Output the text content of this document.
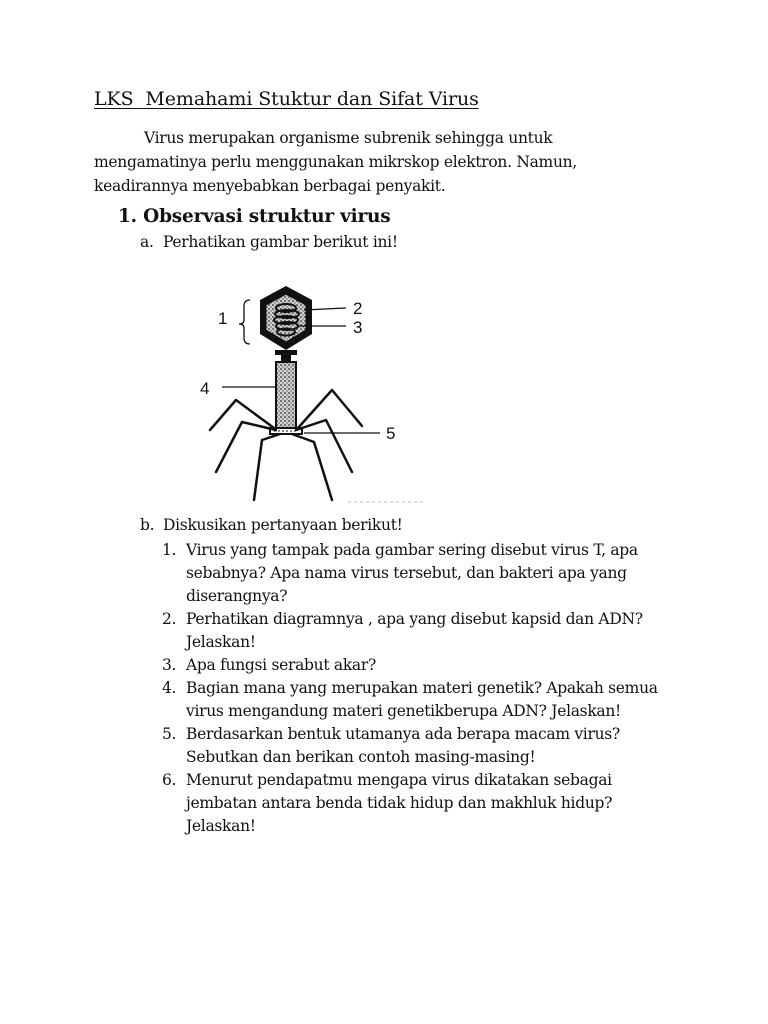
LKS  Memahami Stuktur dan Sifat Virus

Virus merupakan organisme subrenik sehingga untuk mengamatinya perlu menggunakan mikrskop elektron. Namun, keadirannya menyebabkan berbagai penyakit.

1. Observasi struktur virus
a. Perhatikan gambar berikut ini!
1
2
3
4
5
b. Diskusikan pertanyaan berikut!
1. Virus yang tampak pada gambar sering disebut virus T, apa sebabnya? Apa nama virus tersebut, dan bakteri apa yang diserangnya?
2. Perhatikan diagramnya , apa yang disebut kapsid dan ADN? Jelaskan!
3. Apa fungsi serabut akar?
4. Bagian mana yang merupakan materi genetik? Apakah semua virus mengandung materi genetikberupa ADN? Jelaskan!
5. Berdasarkan bentuk utamanya ada berapa macam virus? Sebutkan dan berikan contoh masing-masing!
6. Menurut pendapatmu mengapa virus dikatakan sebagai jembatan antara benda tidak hidup dan makhluk hidup? Jelaskan!
